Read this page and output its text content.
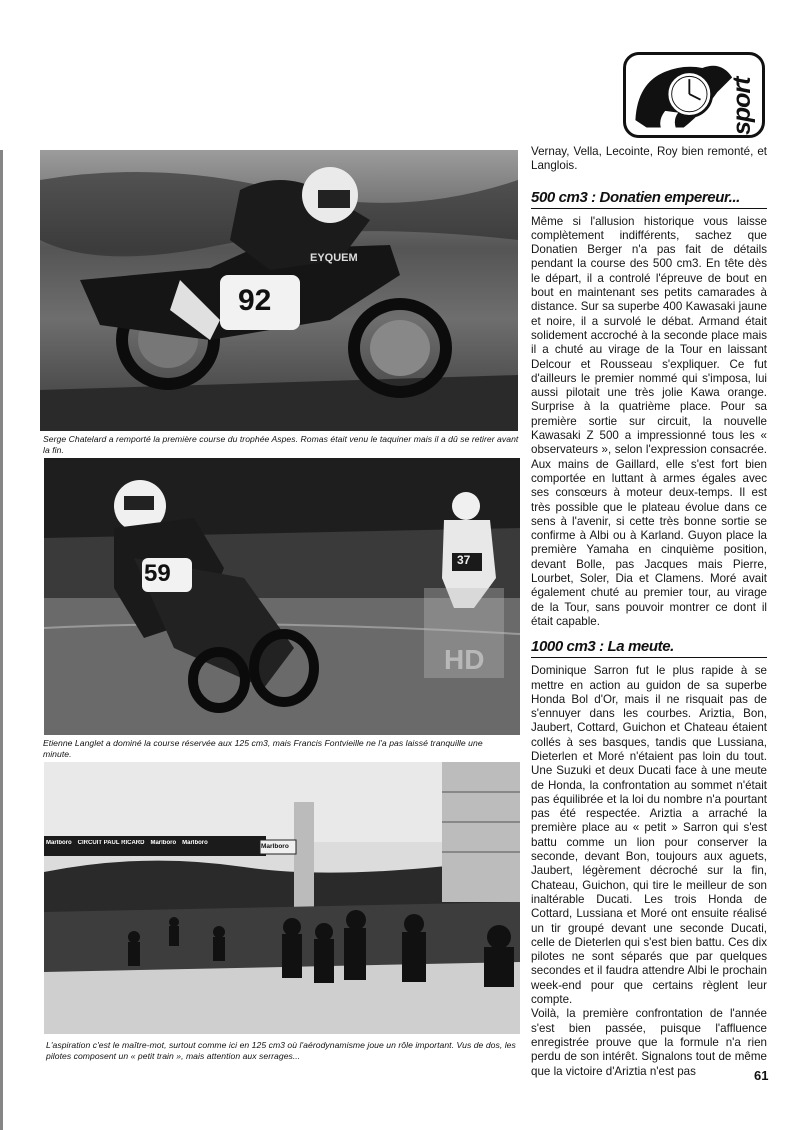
sport
92
EYQUEM
Serge Chatelard a remporté la première course du trophée Aspes. Romas était venu le taquiner mais il a dû se retirer avant la fin.
59	37
HD
Etienne Langlet a dominé la course réservée aux 125 cm3, mais Francis Fontvieille ne l'a pas laissé tranquille une minute.
Marlboro CIRCUIT PAUL RICARD Marlboro Marlboro	Marlboro
L'aspiration c'est le maître-mot, surtout comme ici en 125 cm3 où l'aérodynamisme joue un rôle important. Vus de dos, les pilotes composent un « petit train », mais attention aux serrages...

Vernay, Vella, Lecointe, Roy bien remonté, et Langlois.

500 cm3 : Donatien empereur...

Même si l'allusion historique vous laisse complètement indifférents, sachez que Donatien Berger n'a pas fait de détails pendant la course des 500 cm3. En tête dès le départ, il a controlé l'épreuve de bout en bout en maintenant ses petits camarades à distance. Sur sa superbe 400 Kawasaki jaune et noire, il a survolé le débat. Armand était solidement accroché à la seconde place mais il a chuté au virage de la Tour en laissant Delcour et Rousseau s'expliquer. Ce fut d'ailleurs le premier nommé qui s'imposa, lui aussi pilotait une très jolie Kawa orange. Surprise à la quatrième place. Pour sa première sortie sur circuit, la nouvelle Kawasaki Z 500 a impressionné tous les « observateurs », selon l'expression consacrée. Aux mains de Gaillard, elle s'est fort bien comportée en luttant à armes égales avec ses consœurs à moteur deux-temps. Il est très possible que le plateau évolue dans ce sens à l'avenir, si cette très bonne sortie se confirme à Albi ou à Karland. Guyon place la première Yamaha en cinquième position, devant Bolle, pas Jacques mais Pierre, Lourbet, Soler, Dia et Clamens. Moré avait également chuté au premier tour, au virage de la Tour, sans pouvoir montrer ce dont il était capable.

1000 cm3 : La meute.

Dominique Sarron fut le plus rapide à se mettre en action au guidon de sa superbe Honda Bol d'Or, mais il ne risquait pas de s'ennuyer dans les courbes. Ariztia, Bon, Jaubert, Cottard, Guichon et Chateau étaient collés à ses basques, tandis que Lussiana, Dieterlen et Moré n'étaient pas loin du tout. Une Suzuki et deux Ducati face à une meute de Honda, la confrontation au sommet n'était pas équilibrée et la loi du nombre n'a pourtant pas été respectée. Ariztia a arraché la première place au « petit » Sarron qui s'est battu comme un lion pour conserver la seconde, devant Bon, toujours aux aguets, Jaubert, légèrement décroché sur la fin, Chateau, Guichon, qui tire le meilleur de son inaltérable Ducati. Les trois Honda de Cottard, Lussiana et Moré ont ensuite réalisé un tir groupé devant une seconde Ducati, celle de Dieterlen qui s'est bien battu. Ces dix pilotes ne sont séparés que par quelques secondes et il faudra attendre Albi le prochain week-end pour que certains règlent leur compte.

Voilà, la première confrontation de l'année s'est bien passée, puisque l'affluence enregistrée prouve que la formule n'a rien perdu de son intérêt. Signalons tout de même que la victoire d'Ariztia n'est pas	61
